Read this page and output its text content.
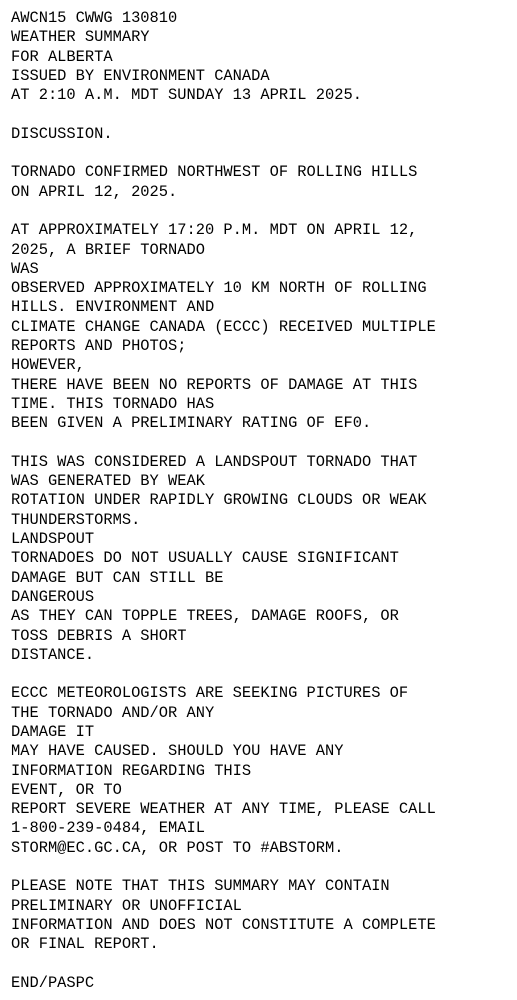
AWCN15 CWWG 130810
WEATHER SUMMARY
FOR ALBERTA
ISSUED BY ENVIRONMENT CANADA
AT 2:10 A.M. MDT SUNDAY 13 APRIL 2025.

DISCUSSION.

TORNADO CONFIRMED NORTHWEST OF ROLLING HILLS
ON APRIL 12, 2025.

AT APPROXIMATELY 17:20 P.M. MDT ON APRIL 12,
2025, A BRIEF TORNADO
WAS
OBSERVED APPROXIMATELY 10 KM NORTH OF ROLLING
HILLS. ENVIRONMENT AND
CLIMATE CHANGE CANADA (ECCC) RECEIVED MULTIPLE
REPORTS AND PHOTOS;
HOWEVER,
THERE HAVE BEEN NO REPORTS OF DAMAGE AT THIS
TIME. THIS TORNADO HAS
BEEN GIVEN A PRELIMINARY RATING OF EF0.

THIS WAS CONSIDERED A LANDSPOUT TORNADO THAT
WAS GENERATED BY WEAK
ROTATION UNDER RAPIDLY GROWING CLOUDS OR WEAK
THUNDERSTORMS.
LANDSPOUT
TORNADOES DO NOT USUALLY CAUSE SIGNIFICANT
DAMAGE BUT CAN STILL BE
DANGEROUS
AS THEY CAN TOPPLE TREES, DAMAGE ROOFS, OR
TOSS DEBRIS A SHORT
DISTANCE.

ECCC METEOROLOGISTS ARE SEEKING PICTURES OF
THE TORNADO AND/OR ANY
DAMAGE IT
MAY HAVE CAUSED. SHOULD YOU HAVE ANY
INFORMATION REGARDING THIS
EVENT, OR TO
REPORT SEVERE WEATHER AT ANY TIME, PLEASE CALL
1-800-239-0484, EMAIL
STORM@EC.GC.CA, OR POST TO #ABSTORM.

PLEASE NOTE THAT THIS SUMMARY MAY CONTAIN
PRELIMINARY OR UNOFFICIAL
INFORMATION AND DOES NOT CONSTITUTE A COMPLETE
OR FINAL REPORT.

END/PASPC
